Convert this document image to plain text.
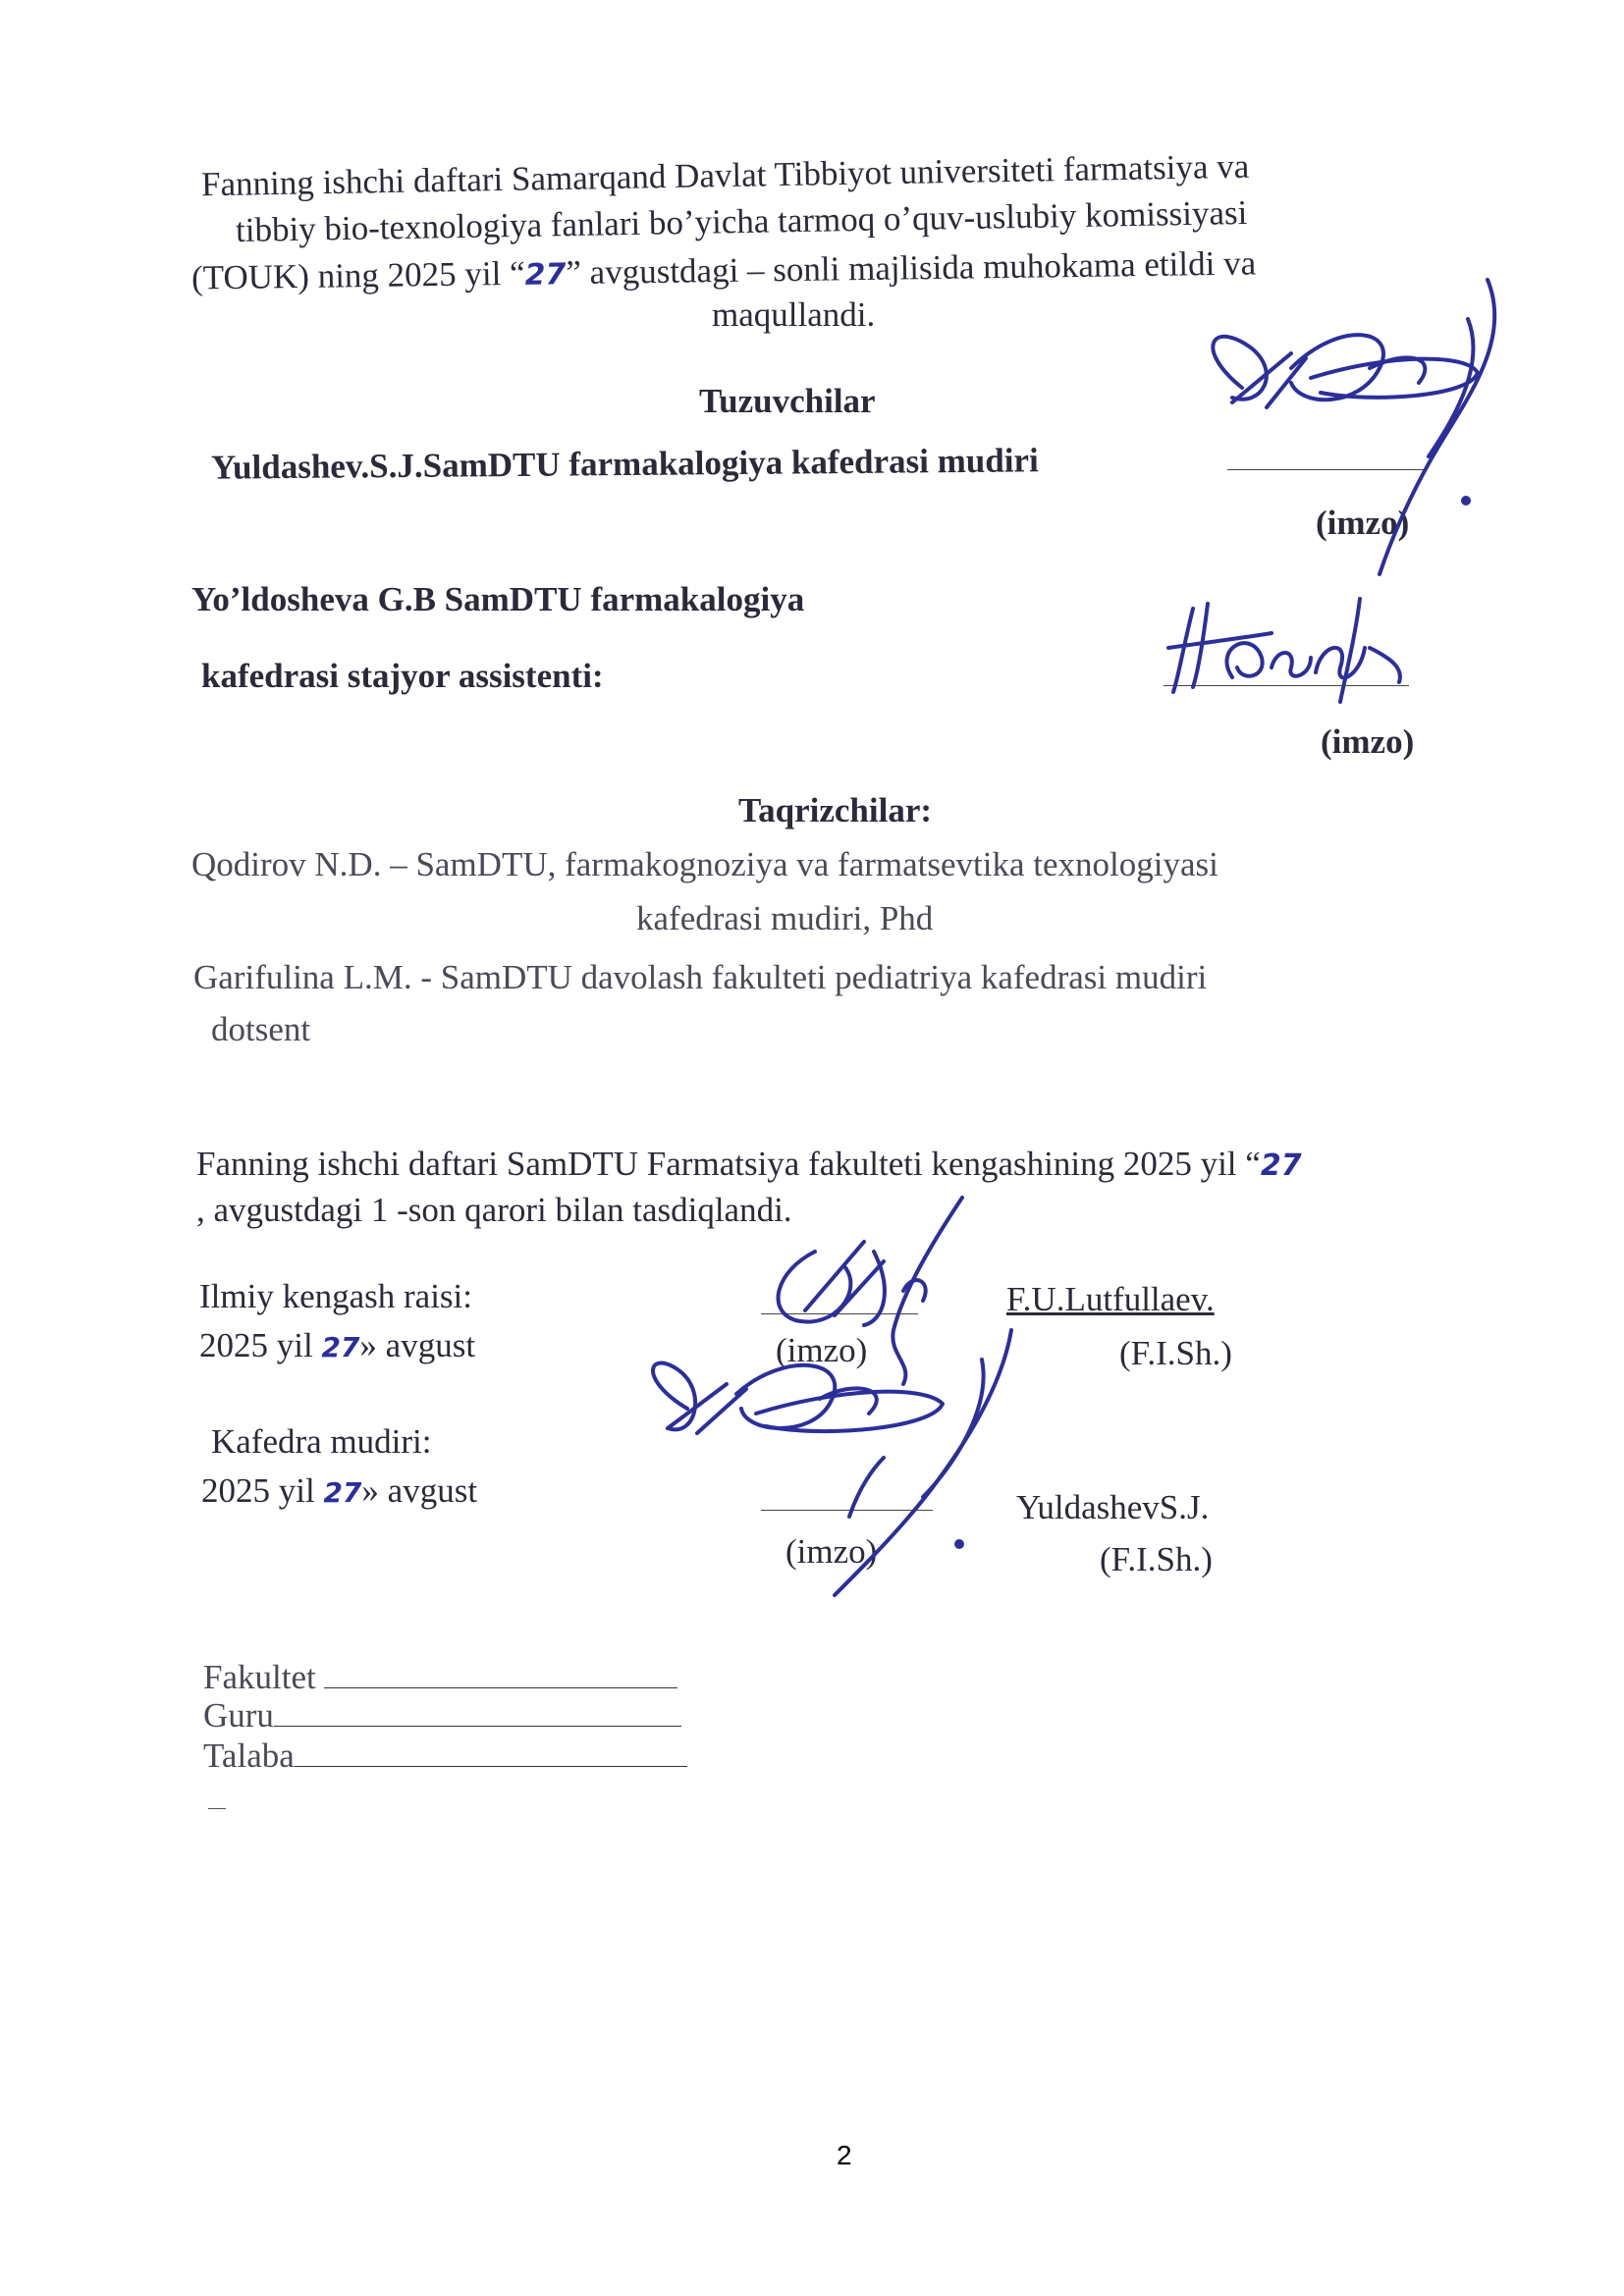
Fanning ishchi daftari Samarqand Davlat Tibbiyot universiteti farmatsiya va
tibbiy bio-texnologiya fanlari bo’yicha tarmoq o’quv-uslubiy komissiyasi
(TOUK) ning 2025 yil “27” avgustdagi – sonli majlisida muhokama etildi va
maqullandi.
Tuzuvchilar
Yuldashev.S.J.SamDTU farmakalogiya kafedrasi mudiri
(imzo)
Yo’ldosheva G.B SamDTU farmakalogiya
kafedrasi stajyor assistenti:
(imzo)
Taqrizchilar:
Qodirov N.D. – SamDTU, farmakognoziya va farmatsevtika texnologiyasi
kafedrasi mudiri, Phd
Garifulina L.M. - SamDTU davolash fakulteti pediatriya kafedrasi mudiri
dotsent
Fanning ishchi daftari SamDTU Farmatsiya fakulteti kengashining 2025 yil “27
, avgustdagi 1 -son qarori bilan tasdiqlandi.
Ilmiy kengash raisi:
2025 yil 27» avgust	(imzo)
F.U.Lutfullaev.
(F.I.Sh.)
Kafedra mudiri:
2025 yil 27» avgust
(imzo)
YuldashevS.J.
(F.I.Sh.)
Fakultet
Guru
Talaba
2
